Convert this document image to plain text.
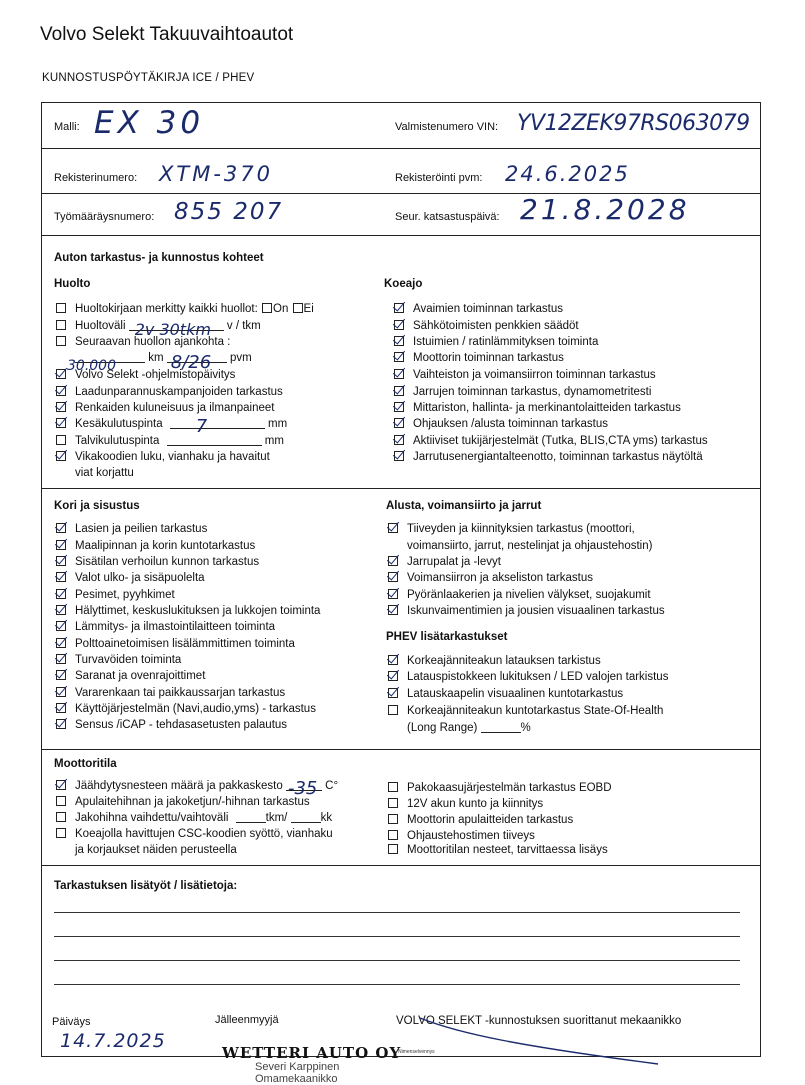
Volvo Selekt Takuuvaihtoautot
KUNNOSTUSPÖYTÄKIRJA ICE / PHEV
Malli: EX 30	Valmistenumero VIN: YV12ZEK97RS063079
Rekisterinumero: XTM-370	Rekisteröinti pvm: 24.6.2025
Työmääräysnumero: 855 207	Seur. katsastuspäivä: 21.8.2028
Auton tarkastus- ja kunnostus kohteet
Huolto	Koeajo
Huoltokirjaan merkitty kaikki huollot: On Ei
Huoltoväli 2v 30tkm v / tkm
Seuraavan huollon ajankohta :
30.000	km 8/26 pvm
Volvo Selekt -ohjelmistopäivitys
Laadunparannuskampanjoiden tarkastus
Renkaiden kuluneisuus ja ilmanpaineet
Kesäkulutuspinta 7	mm
Talvikulutuspinta	mm
Vikakoodien luku, vianhaku ja havaitut
viat korjattu
Avaimien toiminnan tarkastus
Sähkötoimisten penkkien säädöt
Istuimien / ratinlämmityksen toiminta
Moottorin toiminnan tarkastus
Vaihteiston ja voimansiirron toiminnan tarkastus
Jarrujen toiminnan tarkastus, dynamometritesti
Mittariston, hallinta- ja merkinantolaitteiden tarkastus
Ohjauksen /alusta toiminnan tarkastus
Aktiiviset tukijärjestelmät (Tutka, BLIS,CTA yms) tarkastus
Jarrutusenergiantalteenotto, toiminnan tarkastus näytöltä
Kori ja sisustus	Alusta, voimansiirto ja jarrut
Lasien ja peilien tarkastus
Maalipinnan ja korin kuntotarkastus
Sisätilan verhoilun kunnon tarkastus
Valot ulko- ja sisäpuolelta
Pesimet, pyyhkimet
Hälyttimet, keskuslukituksen ja lukkojen toiminta
Lämmitys- ja ilmastointilaitteen toiminta
Polttoainetoimisen lisälämmittimen toiminta
Turvavöiden toiminta
Saranat ja ovenrajoittimet
Vararenkaan tai paikkaussarjan tarkastus
Käyttöjärjestelmän (Navi,audio,yms) - tarkastus
Sensus /iCAP - tehdasasetusten palautus
Tiiveyden ja kiinnityksien tarkastus (moottori,
voimansiirto, jarrut, nestelinjat ja ohjaustehostin)
Jarrupalat ja -levyt
Voimansiirron ja akseliston tarkastus
Pyöränlaakerien ja nivelien välykset, suojakumit
Iskunvaimentimien ja jousien visuaalinen tarkastus
PHEV lisätarkastukset
Korkeajänniteakun latauksen tarkistus
Latauspistokkeen lukituksen / LED valojen tarkistus
Latauskaapelin visuaalinen kuntotarkastus
Korkeajänniteakun kuntotarkastus State-Of-Health
(Long Range)	%
Moottoritila
Jäähdytysnesteen määrä ja pakkaskesto -35 C°
Apulaitehihnan ja jakoketjun/-hihnan tarkastus
Jakohihna vaihdettu/vaihtoväli	tkm/	kk
Koeajolla havittujen CSC-koodien syöttö, vianhaku
ja korjaukset näiden perusteella
Pakokaasujärjestelmän tarkastus EOBD
12V akun kunto ja kiinnitys
Moottorin apulaitteiden tarkastus
Ohjaustehostimen tiiveys
Moottoritilan nesteet, tarvittaessa lisäys
Tarkastuksen lisätyöt / lisätietoja:
Päiväys
14.7.2025
Jälleenmyyjä	VOLVO SELEKT -kunnostuksen suorittanut mekaanikko
WETTERI AUTO OY
Nimenselvennys
Severi Karppinen
Omamekaanikko
